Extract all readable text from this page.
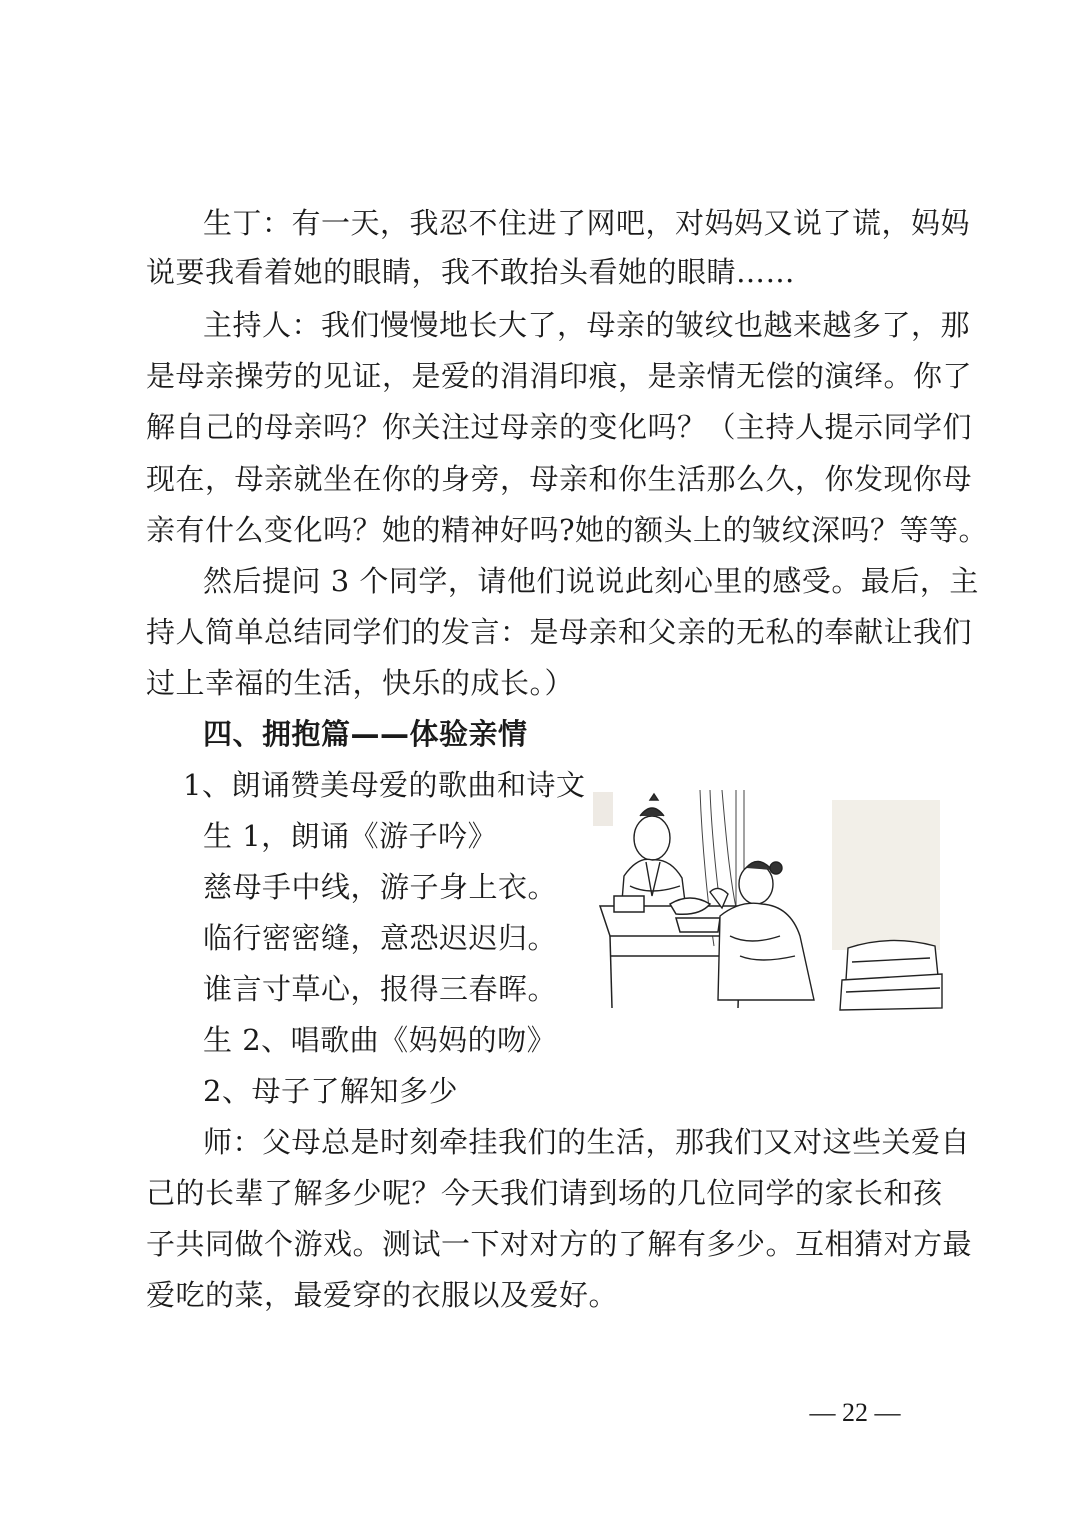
生丁：有一天，我忍不住进了网吧，对妈妈又说了谎，妈妈
说要我看着她的眼睛，我不敢抬头看她的眼睛……
主持人：我们慢慢地长大了，母亲的皱纹也越来越多了，那
是母亲操劳的见证，是爱的涓涓印痕，是亲情无偿的演绎。你了
解自己的母亲吗？你关注过母亲的变化吗？（主持人提示同学们
现在，母亲就坐在你的身旁，母亲和你生活那么久，你发现你母
亲有什么变化吗？她的精神好吗?她的额头上的皱纹深吗？等等。
然后提问 3 个同学，请他们说说此刻心里的感受。最后，主
持人简单总结同学们的发言：是母亲和父亲的无私的奉献让我们
过上幸福的生活，快乐的成长。）
四、拥抱篇——体验亲情
1、朗诵赞美母爱的歌曲和诗文
生 1，朗诵《游子吟》
慈母手中线，游子身上衣。
临行密密缝，意恐迟迟归。
谁言寸草心，报得三春晖。
生 2、唱歌曲《妈妈的吻》
2、母子了解知多少
师：父母总是时刻牵挂我们的生活，那我们又对这些关爱自
己的长辈了解多少呢？今天我们请到场的几位同学的家长和孩
子共同做个游戏。测试一下对对方的了解有多少。互相猜对方最
爱吃的菜，最爱穿的衣服以及爱好。
— 22 —
